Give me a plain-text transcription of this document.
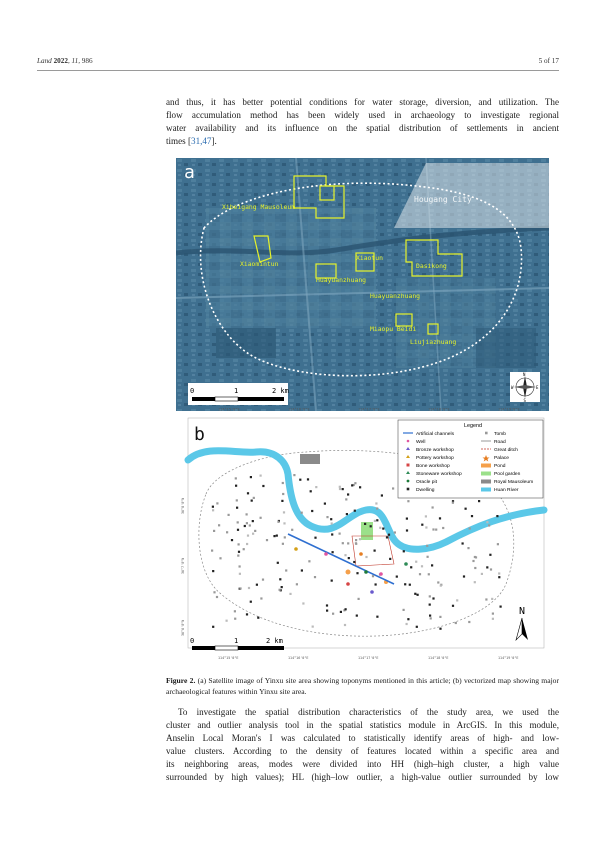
Land 2022, 11, 986	5 of 17
and thus, it has better potential conditions for water storage, diversion, and utilization. The
flow accumulation method has been widely used in archaeology to investigate regional
water availability and its influence on the spatial distribution of settlements in ancient
times [31,47].
a
Xibeigang Mausoleum
Hougang City
Xiaomintun
Xiaotun
Huayuanzhuang
Dasikong
Huayuanzhuang
Miaopu Beidi
Liujiazhuang
0	1	2 km
N
S
W	E
114°15'0"E	114°16'0"E	114°17'0"E	114°18'0"E	114°19'0"E
b	Legend
Artificial channels
Well
Bronze workshop
Pottery workshop
Bone workshop
Stoneware workshop
Oracle pit
Dwelling
Tomb
Road
Great ditch
Palace
Pond
Pool garden
Royal Mausoleum
Huan River
0	1	2 km
N
36°8'0"N
36°7'0"N
36°6'0"N
114°15'0"E	114°16'0"E	114°17'0"E	114°18'0"E	114°19'0"E
Figure 2. (a) Satellite image of Yinxu site area showing toponyms mentioned in this article; (b) vectorized map showing major archaeological features within Yinxu site area.
To investigate the spatial distribution characteristics of the study area, we used the
cluster and outlier analysis tool in the spatial statistics module in ArcGIS. In this module,
Anselin Local Moran's I was calculated to statistically identify areas of high- and low-
value clusters. According to the density of features located within a specific area and
its neighboring areas, modes were divided into HH (high–high cluster, a high value
surrounded by high values); HL (high–low outlier, a high-value outlier surrounded by low
